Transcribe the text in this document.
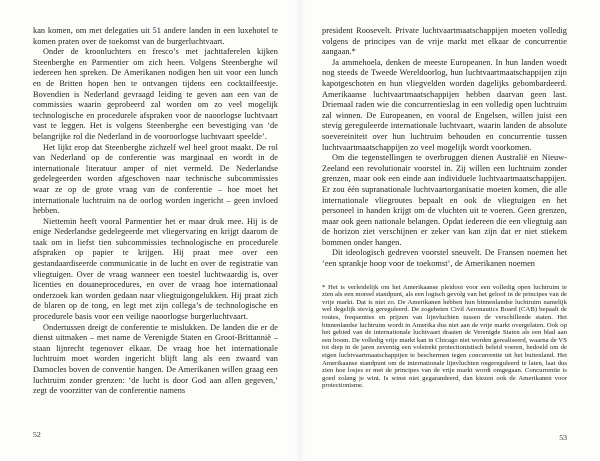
kan komen, om met delegaties uit 51 andere landen in een luxehotel te komen praten over de toekomst van de burgerluchtvaart.

Onder de kroonluchters en fresco’s met jachttaferelen kijken Steenberghe en Parmentier om zich heen. Volgens Steenberghe wil iedereen hen spreken. De Amerikanen nodigen hen uit voor een lunch en de Britten hopen hen te ontvangen tijdens een cocktailfeestje. Bovendien is Nederland gevraagd leiding te geven aan een van de commissies waarin geprobeerd zal worden om zo veel mogelijk technologische en procedurele afspraken voor de naoorlogse luchtvaart vast te leggen. Het is volgens Steenberghe een bevestiging van ‘de belangrijke rol die Nederland in de vooroorlogse luchtvaart speelde’.

Het lijkt erop dat Steenberghe zichzelf wel heel groot maakt. De rol van Nederland op de conferentie was marginaal en wordt in de internationale literatuur amper of niet vermeld. De Nederlandse gedelegeerden worden afgeschoven naar technische subcommissies waar ze op de grote vraag van de conferentie – hoe moet het internationale luchtruim na de oorlog worden ingericht – geen invloed hebben.

Niettemin heeft vooral Parmentier het er maar druk mee. Hij is de enige Nederlandse gedelegeerde met vliegervaring en krijgt daarom de taak om in liefst tien subcommissies technologische en procedurele afspraken op papier te krijgen. Hij praat mee over een gestandaardiseerde communicatie in de lucht en over de registratie van vliegtuigen. Over de vraag wanneer een toestel luchtwaardig is, over licenties en douaneprocedures, en over de vraag hoe internationaal onderzoek kan worden gedaan naar vliegtuigongelukken. Hij praat zich de blaren op de tong, en legt met zijn collega’s de technologische en procedurele basis voor een veilige naoorlogse burgerluchtvaart.

Ondertussen dreigt de conferentie te mislukken. De landen die er de dienst uitmaken – met name de Verenigde Staten en Groot-Brittannië – staan lijnrecht tegenover elkaar. De vraag hoe het internationale luchtruim moet worden ingericht blijft lang als een zwaard van Damocles boven de conventie hangen. De Amerikanen willen graag een luchtruim zonder grenzen: ‘de lucht is door God aan allen gegeven,’ zegt de voorzitter van de conferentie namens

52

president Roosevelt. Private luchtvaartmaatschappijen moeten volledig volgens de principes van de vrije markt met elkaar de concurrentie aangaan.*

Ja ammehoela, denken de meeste Europeanen. In hun landen woedt nog steeds de Tweede Wereldoorlog, hun luchtvaartmaatschappijen zijn kapotgeschoten en hun vliegvelden worden dagelijks gebombardeerd. Amerikaanse luchtvaartmaatschappijen hebben daarvan geen last. Driemaal raden wie die concurrentieslag in een volledig open luchtruim zal winnen. De Europeanen, en vooral de Engelsen, willen juist een stevig gereguleerde internationale luchtvaart, waarin landen de absolute soevereiniteit over hun luchtruim behouden en concurrentie tussen luchtvaartmaatschappijen zo veel mogelijk wordt voorkomen.

Om die tegenstellingen te overbruggen dienen Australië en Nieuw-Zeeland een revolutionair voorstel in. Zij willen een luchtruim zonder grenzen, maar ook een einde aan individuele luchtvaartmaatschappijen. Er zou één supranationale luchtvaartorganisatie moeten komen, die alle internationale vliegroutes bepaalt en ook de vliegtuigen en het personeel in handen krijgt om de vluchten uit te voeren. Geen grenzen, maar ook geen nationale belangen. Opdat iedereen die een vliegtuig aan de horizon ziet verschijnen er zeker van kan zijn dat er niet stiekem bommen onder hangen.

Dit ideologisch gedreven voorstel sneuvelt. De Fransen noemen het ‘een sprankje hoop voor de toekomst’, de Amerikanen noemen

* Het is verleidelijk om het Amerikaanse pleidooi voor een volledig open luchtruim te zien als een moreel standpunt, als een logisch gevolg van het geloof in de principes van de vrije markt. Dat is niet zo. De Amerikanen hebben hun binnenlandse luchtruim namelijk wel degelijk stevig gereguleerd. De zogeheten Civil Aeronautics Board (CAB) bepaalt de routes, frequenties en prijzen van lijnvluchten tussen de verschillende staten. Het binnenlandse luchtruim wordt in Amerika dus niet aan de vrije markt overgelaten. Ook op het gebied van de internationale luchtvaart draaien de Verenigde Staten als een blad aan een boom. De volledig vrije markt kan in Chicago niet worden gerealiseerd, waarna de VS tot diep in de jaren zeventig een volstrekt protectionistisch beleid voeren, bedoeld om de eigen luchtvaartmaatschappijen te beschermen tegen concurrentie uit het buitenland. Het Amerikaanse standpunt om de internationale lijnvluchten ongereguleerd te laten, laat dus zien hoe losjes er met de principes van de vrije markt wordt omgegaan. Concurrentie is goed zolang je wint. Is winst niet gegarandeerd, dan kiezen ook de Amerikanen voor protectionisme.

53
